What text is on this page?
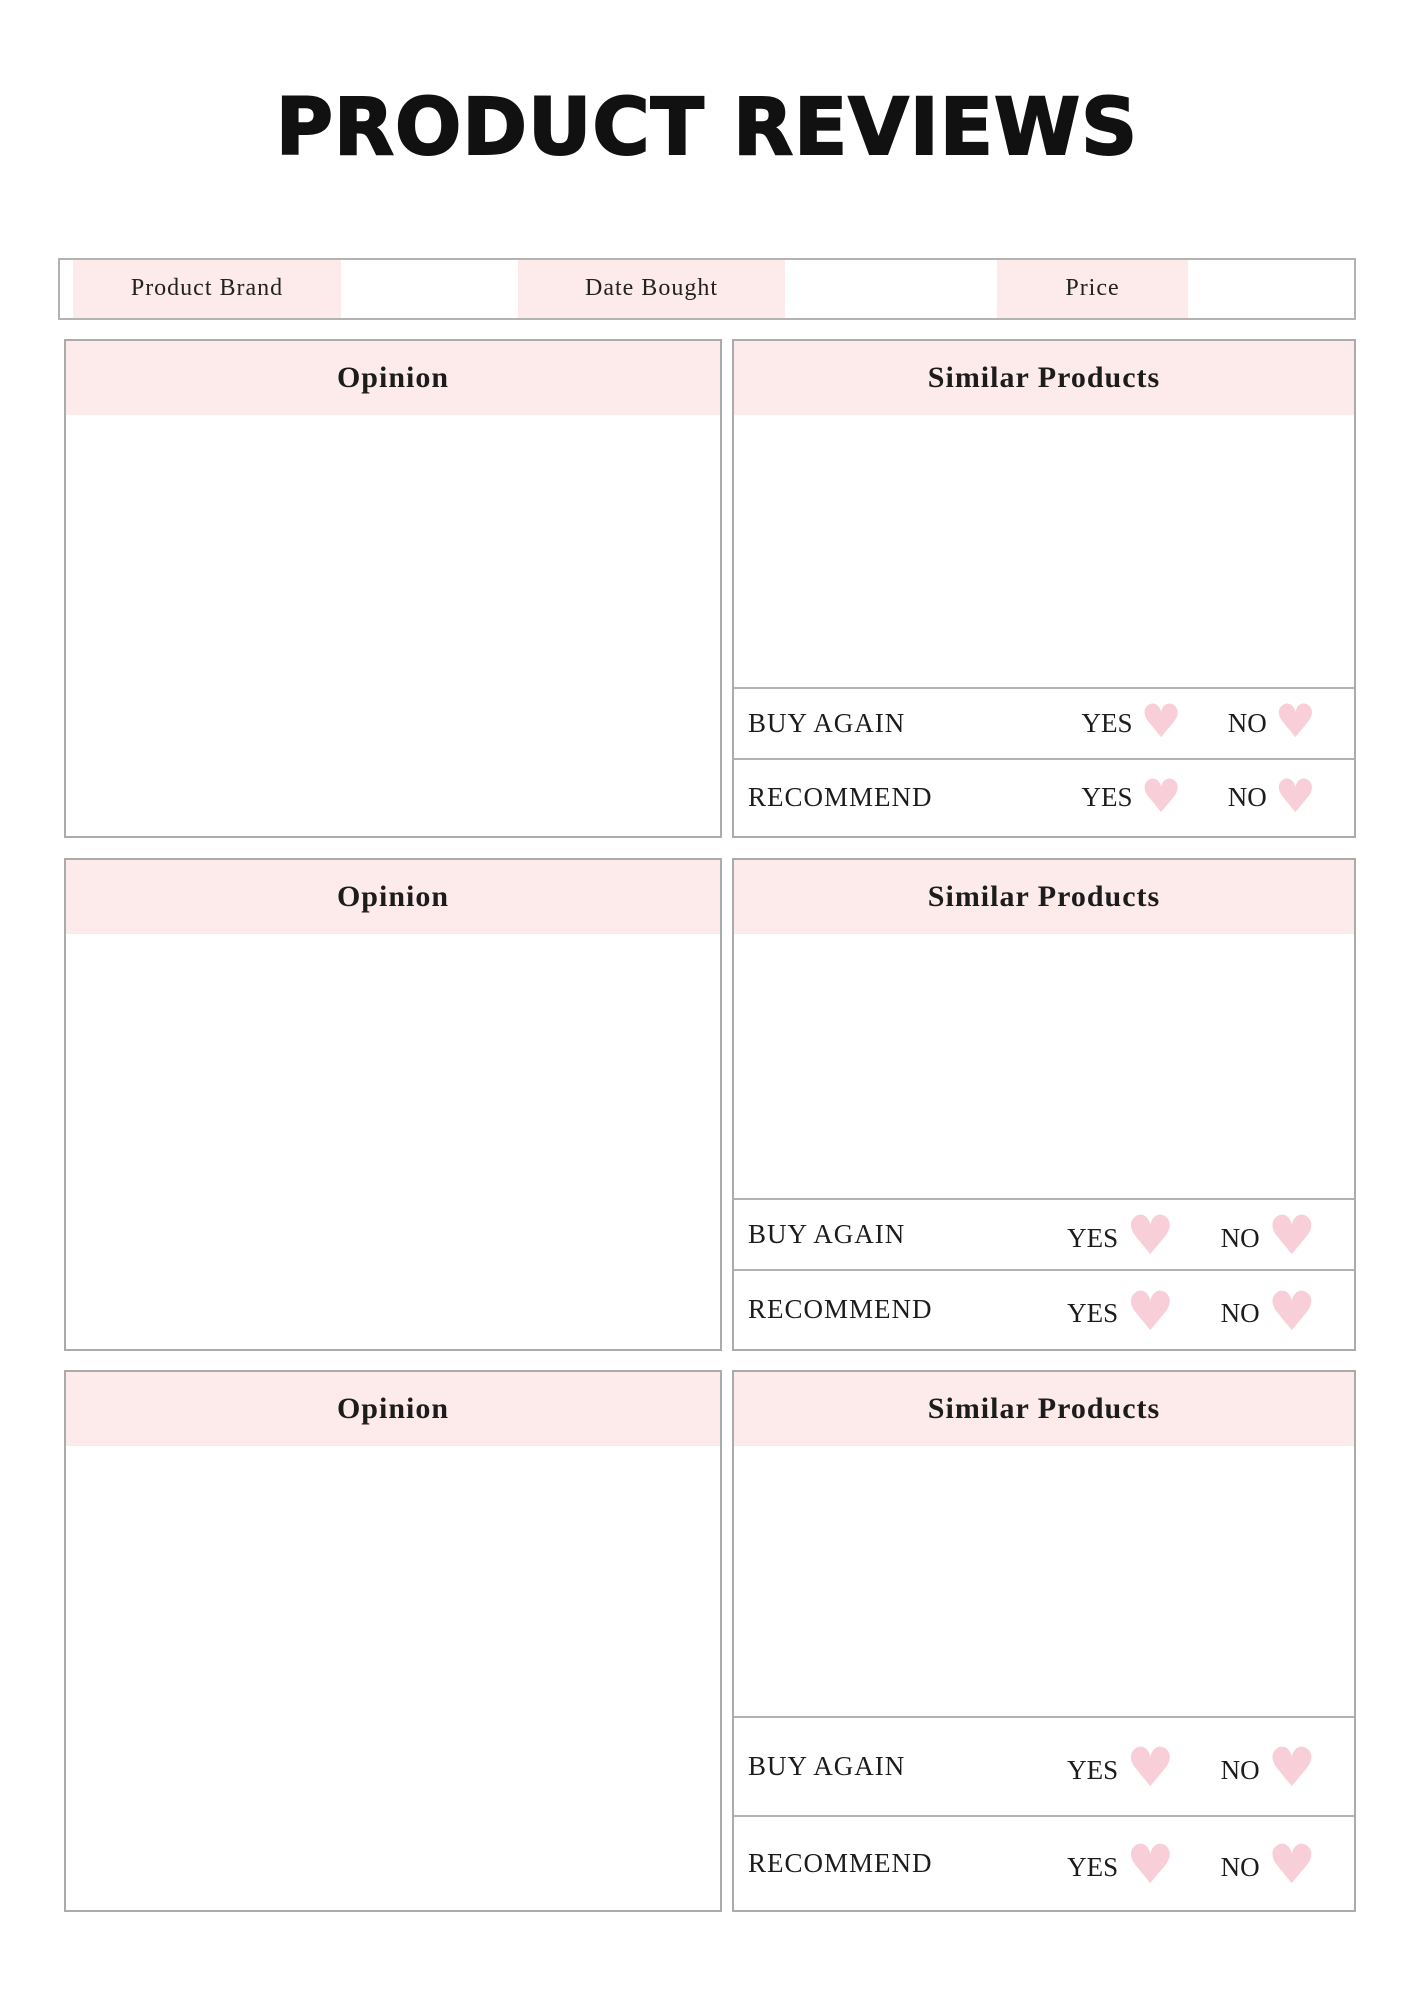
PRODUCT REVIEWS
Product Brand	Date Bought	Price
Opinion	Similar Products
BUY AGAIN	YES ♥ NO ♥
RECOMMEND	YES ♥ NO ♥
Opinion	Similar Products
BUY AGAIN	YES ♥ NO ♥
RECOMMEND	YES ♥ NO ♥
Opinion	Similar Products
BUY AGAIN	YES ♥ NO ♥
RECOMMEND	YES ♥ NO ♥
